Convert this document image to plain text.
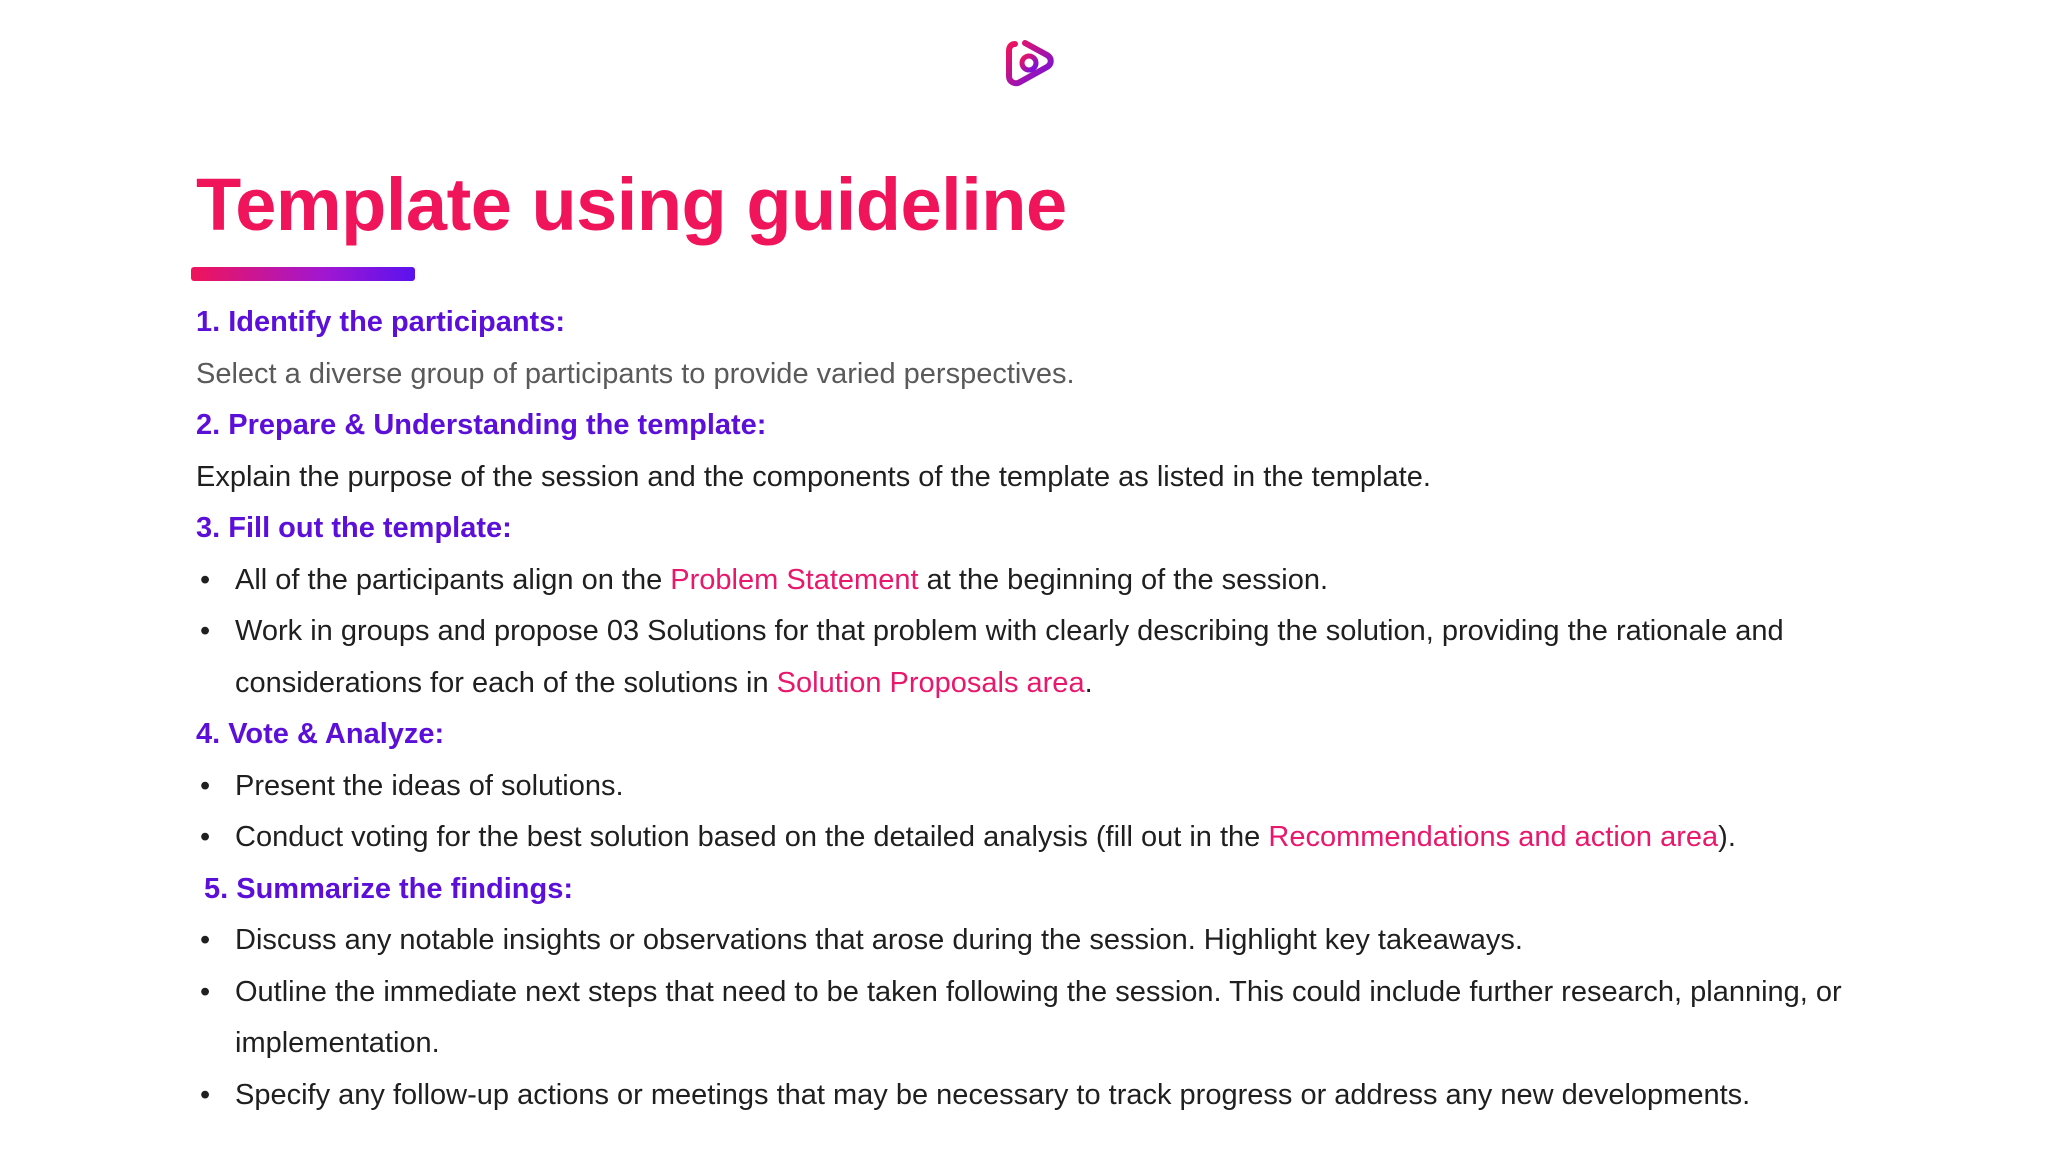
Template using guideline
1. Identify the participants:
Select a diverse group of participants to provide varied perspectives.
2. Prepare & Understanding the template:
Explain the purpose of the session and the components of the template as listed in the template.
3. Fill out the template:
• All of the participants align on the Problem Statement at the beginning of the session.
• Work in groups and propose 03 Solutions for that problem with clearly describing the solution, providing the rationale and
considerations for each of the solutions in Solution Proposals area.
4. Vote & Analyze:
• Present the ideas of solutions.
• Conduct voting for the best solution based on the detailed analysis (fill out in the Recommendations and action area).
5. Summarize the findings:
• Discuss any notable insights or observations that arose during the session. Highlight key takeaways.
• Outline the immediate next steps that need to be taken following the session. This could include further research, planning, or
implementation.
• Specify any follow-up actions or meetings that may be necessary to track progress or address any new developments.
